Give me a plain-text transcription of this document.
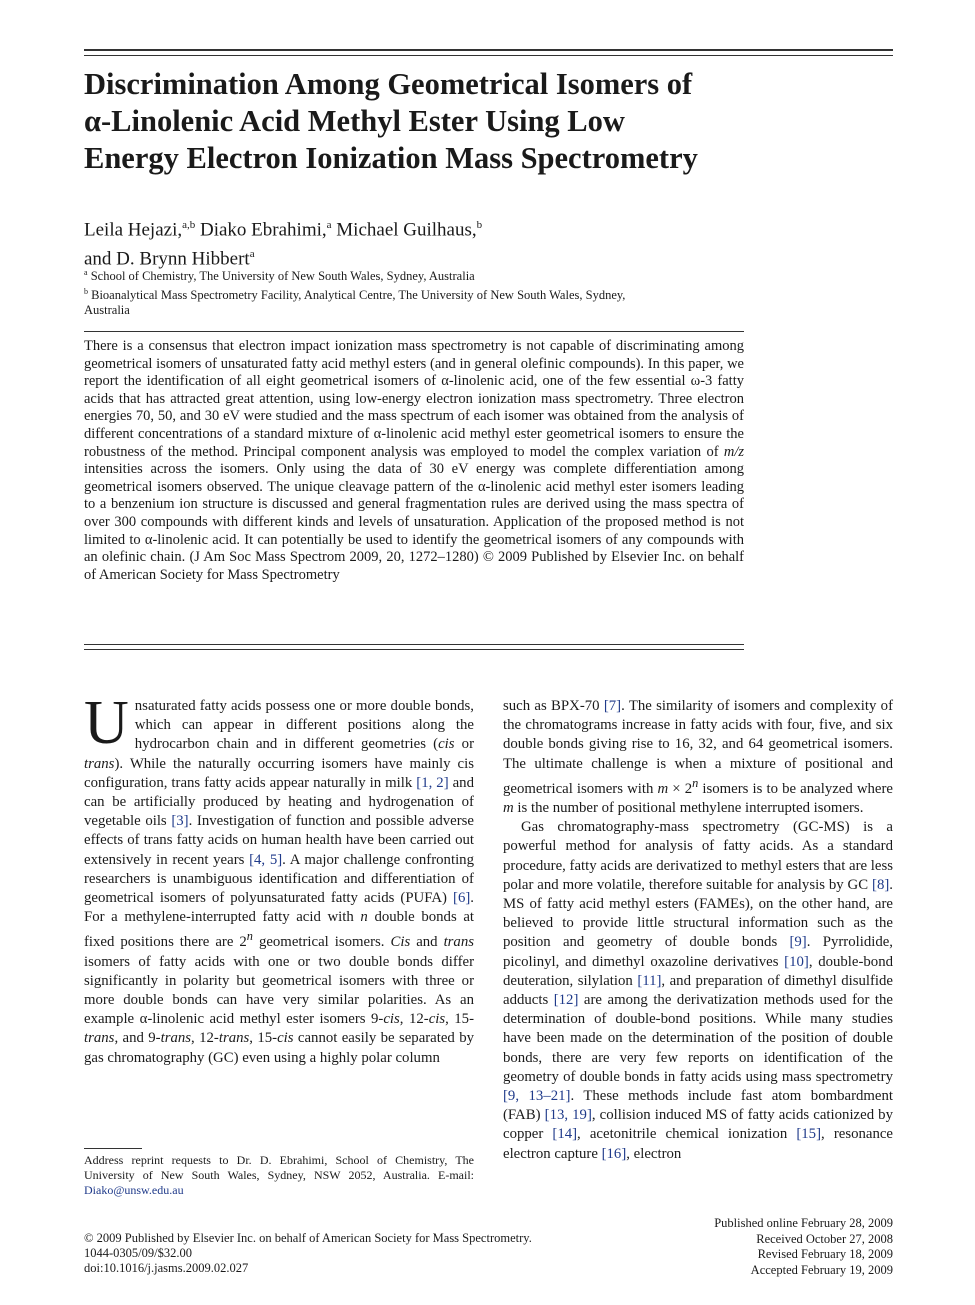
Discrimination Among Geometrical Isomers of
α-Linolenic Acid Methyl Ester Using Low
Energy Electron Ionization Mass Spectrometry
Leila Hejazi,$^{a,b}$ Diako Ebrahimi,$^a$ Michael Guilhaus,$^b$
and D. Brynn Hibbert$^a$
$^a$ School of Chemistry, The University of New South Wales, Sydney, Australia
$^b$ Bioanalytical Mass Spectrometry Facility, Analytical Centre, The University of New South Wales, Sydney,
Australia

There is a consensus that electron impact ionization mass spectrometry is not capable of discriminating among geometrical isomers of unsaturated fatty acid methyl esters (and in general olefinic compounds). In this paper, we report the identification of all eight geometrical isomers of α-linolenic acid, one of the few essential ω-3 fatty acids that has attracted great attention, using low-energy electron ionization mass spectrometry. Three electron energies 70, 50, and 30 eV were studied and the mass spectrum of each isomer was obtained from the analysis of different concentrations of a standard mixture of α-linolenic acid methyl ester geometrical isomers to ensure the robustness of the method. Principal component analysis was employed to model the complex variation of m/z intensities across the isomers. Only using the data of 30 eV energy was complete differentiation among geometrical isomers observed. The unique cleavage pattern of the α-linolenic acid methyl ester isomers leading to a benzenium ion structure is discussed and general fragmentation rules are derived using the mass spectra of over 300 compounds with different kinds and levels of unsaturation. Application of the proposed method is not limited to α-linolenic acid. It can potentially be used to identify the geometrical isomers of any compounds with an olefinic chain. (J Am Soc Mass Spectrom 2009, 20, 1272–1280) © 2009 Published by Elsevier Inc. on behalf of American Society for Mass Spectrometry

Unsaturated fatty acids possess one or more double bonds, which can appear in different positions along the hydrocarbon chain and in different geometries (cis or trans). While the naturally occurring isomers have mainly cis configuration, trans fatty acids appear naturally in milk [1, 2] and can be artificially produced by heating and hydrogenation of vegetable oils [3]. Investigation of function and possible adverse effects of trans fatty acids on human health have been carried out extensively in recent years [4, 5]. A major challenge confronting researchers is unambiguous identification and differentiation of geometrical isomers of polyunsaturated fatty acids (PUFA) [6]. For a methylene-interrupted fatty acid with n double bonds at fixed positions there are 2$^n$ geometrical isomers. Cis and trans isomers of fatty acids with one or two double bonds differ significantly in polarity but geometrical isomers with three or more double bonds can have very similar polarities. As an example α-linolenic acid methyl ester isomers 9-cis, 12-cis, 15-trans, and 9-trans, 12-trans, 15-cis cannot easily be separated by gas chromatography (GC) even using a highly polar column

such as BPX-70 [7]. The similarity of isomers and complexity of the chromatograms increase in fatty acids with four, five, and six double bonds giving rise to 16, 32, and 64 geometrical isomers. The ultimate challenge is when a mixture of positional and geometrical isomers with $m \times 2^n$ isomers is to be analyzed where m is the number of positional methylene interrupted isomers.

Gas chromatography-mass spectrometry (GC-MS) is a powerful method for analysis of fatty acids. As a standard procedure, fatty acids are derivatized to methyl esters that are less polar and more volatile, therefore suitable for analysis by GC [8]. MS of fatty acid methyl esters (FAMEs), on the other hand, are believed to provide little structural information such as the position and geometry of double bonds [9]. Pyrrolidide, picolinyl, and dimethyl oxazoline derivatives [10], double-bond deuteration, silylation [11], and preparation of dimethyl disulfide adducts [12] are among the derivatization methods used for the determination of double-bond positions. While many studies have been made on the determination of the position of double bonds, there are very few reports on identification of the geometry of double bonds in fatty acids using mass spectrometry [9, 13–21]. These methods include fast atom bombardment (FAB) [13, 19], collision induced MS of fatty acids cationized by copper [14], acetonitrile chemical ionization [15], resonance electron capture [16], electron

Address reprint requests to Dr. D. Ebrahimi, School of Chemistry, The University of New South Wales, Sydney, NSW 2052, Australia. E-mail: Diako@unsw.edu.au
© 2009 Published by Elsevier Inc. on behalf of American Society for Mass Spectrometry.
1044-0305/09/$32.00
doi:10.1016/j.jasms.2009.02.027
Published online February 28, 2009
Received October 27, 2008
Revised February 18, 2009
Accepted February 19, 2009
